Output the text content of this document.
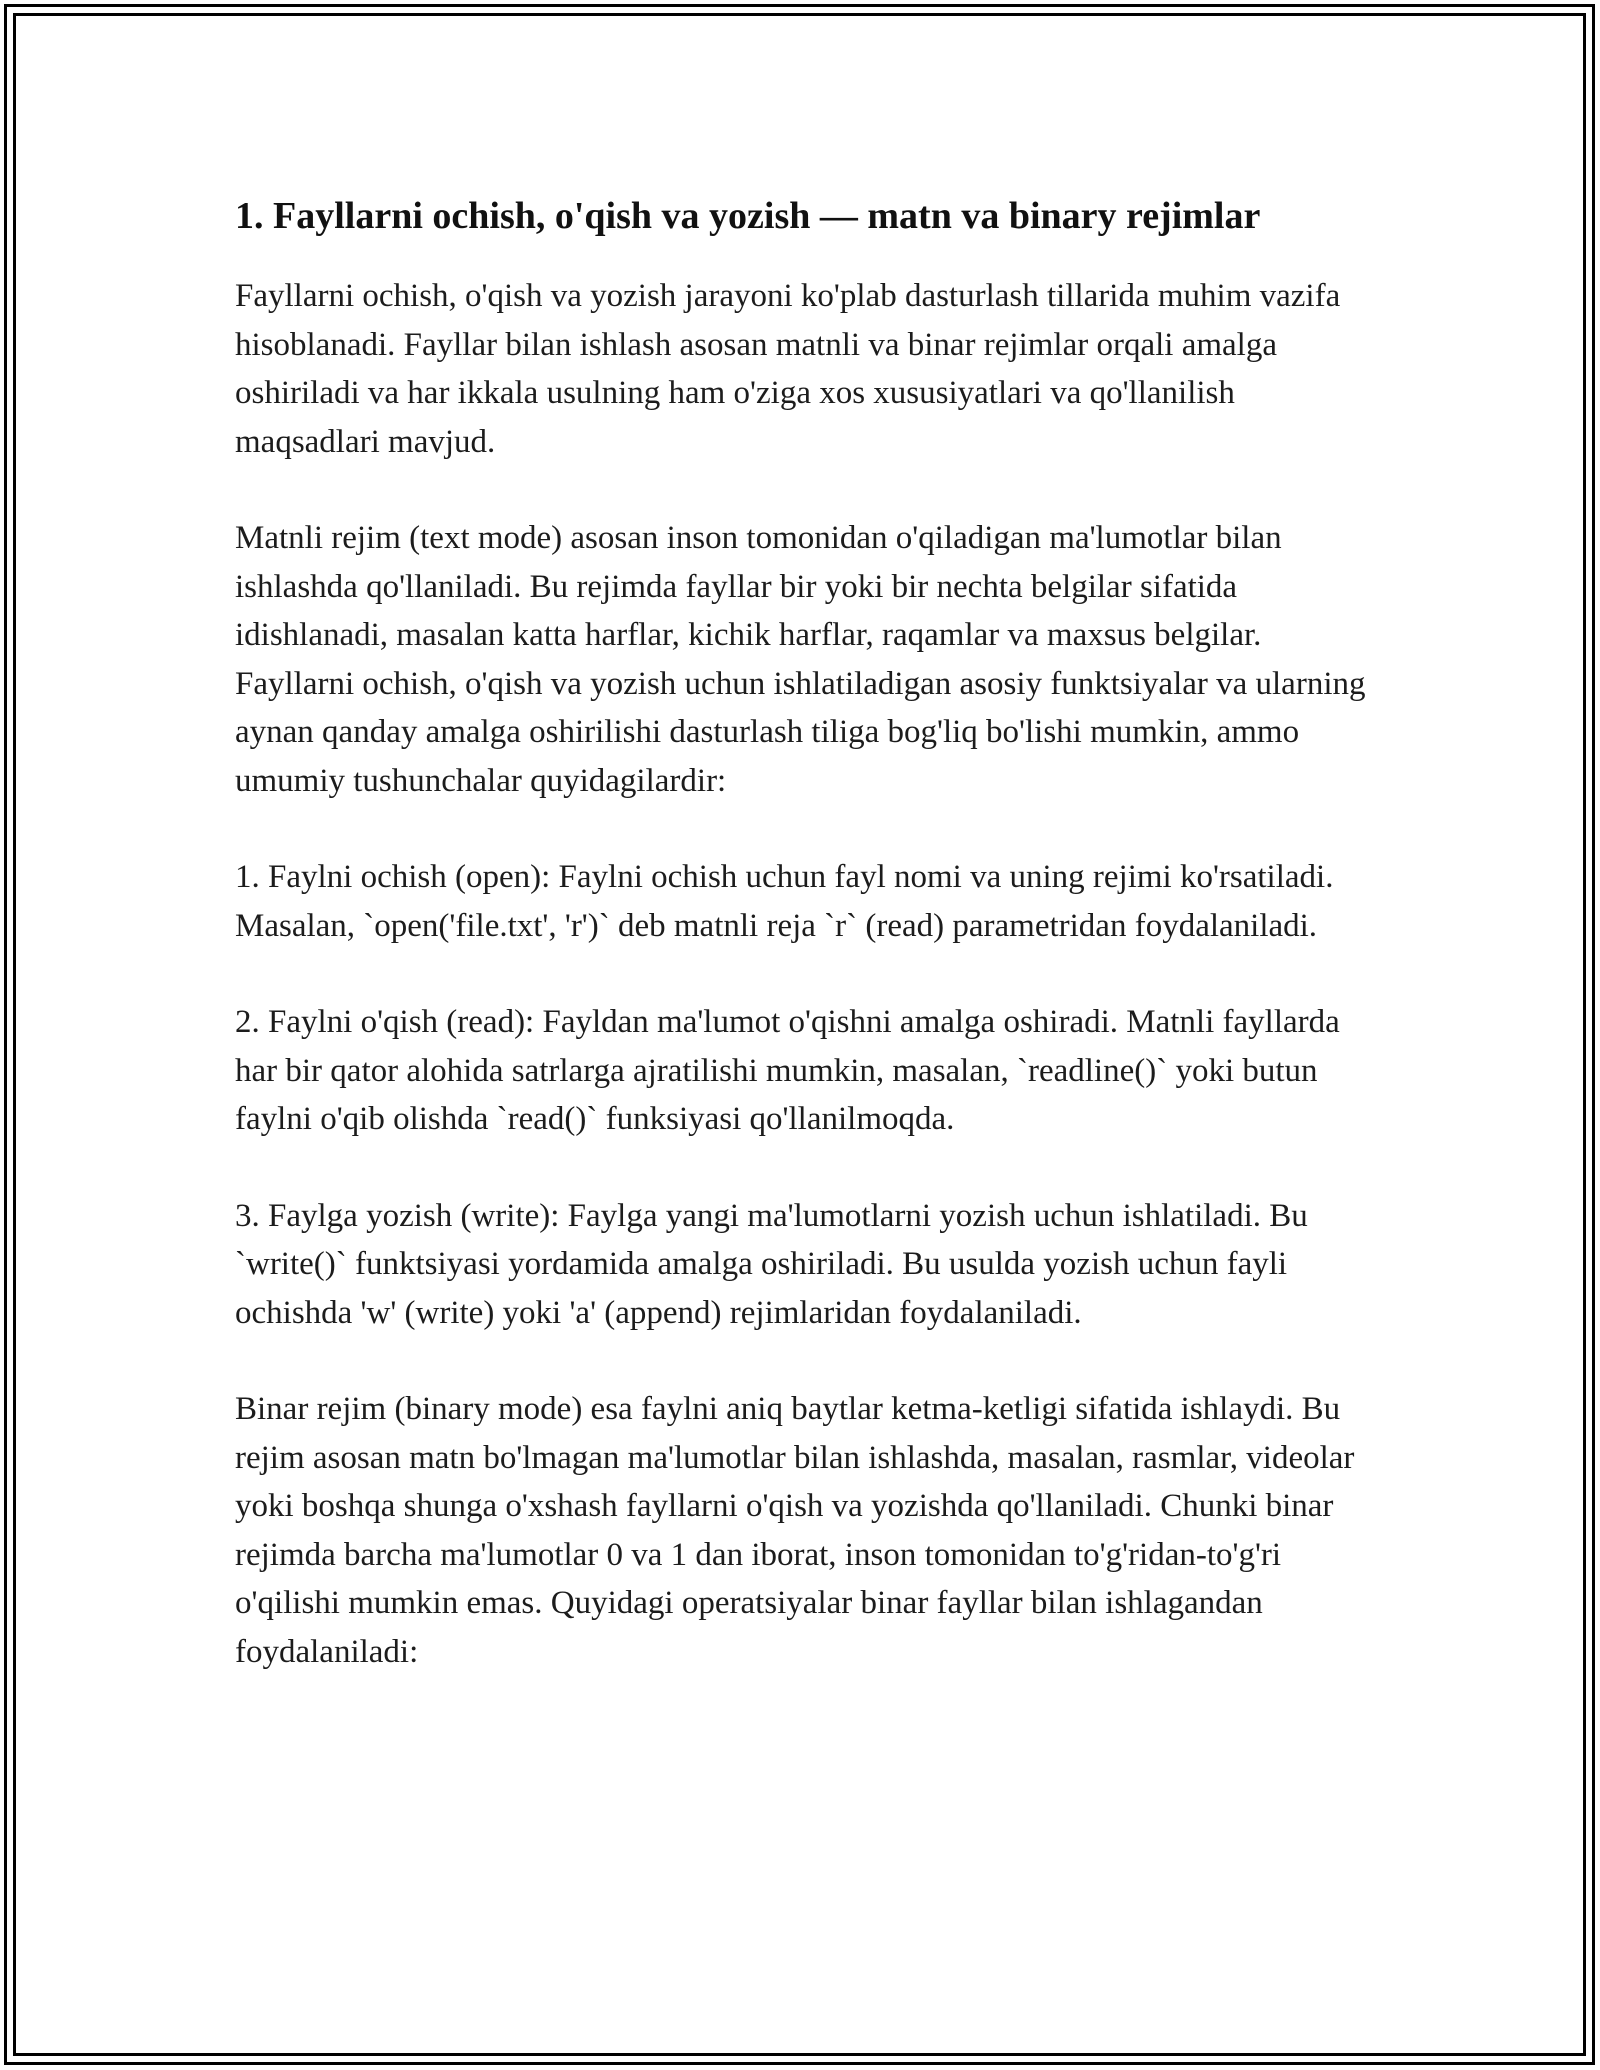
1. Fayllarni ochish, o'qish va yozish — matn va binary rejimlar

Fayllarni ochish, o'qish va yozish jarayoni ko'plab dasturlash tillarida muhim vazifa hisoblanadi. Fayllar bilan ishlash asosan matnli va binar rejimlar orqali amalga oshiriladi va har ikkala usulning ham o'ziga xos xususiyatlari va qo'llanilish maqsadlari mavjud.

Matnli rejim (text mode) asosan inson tomonidan o'qiladigan ma'lumotlar bilan ishlashda qo'llaniladi. Bu rejimda fayllar bir yoki bir nechta belgilar sifatida idishlanadi, masalan katta harflar, kichik harflar, raqamlar va maxsus belgilar. Fayllarni ochish, o'qish va yozish uchun ishlatiladigan asosiy funktsiyalar va ularning aynan qanday amalga oshirilishi dasturlash tiliga bog'liq bo'lishi mumkin, ammo umumiy tushunchalar quyidagilardir:

1. Faylni ochish (open): Faylni ochish uchun fayl nomi va uning rejimi ko'rsatiladi. Masalan, `open('file.txt', 'r')` deb matnli reja `r` (read) parametridan foydalaniladi.

2. Faylni o'qish (read): Fayldan ma'lumot o'qishni amalga oshiradi. Matnli fayllarda har bir qator alohida satrlarga ajratilishi mumkin, masalan, `readline()` yoki butun faylni o'qib olishda `read()` funksiyasi qo'llanilmoqda.

3. Faylga yozish (write): Faylga yangi ma'lumotlarni yozish uchun ishlatiladi. Bu `write()` funktsiyasi yordamida amalga oshiriladi. Bu usulda yozish uchun fayli ochishda 'w' (write) yoki 'a' (append) rejimlaridan foydalaniladi.

Binar rejim (binary mode) esa faylni aniq baytlar ketma-ketligi sifatida ishlaydi. Bu rejim asosan matn bo'lmagan ma'lumotlar bilan ishlashda, masalan, rasmlar, videolar yoki boshqa shunga o'xshash fayllarni o'qish va yozishda qo'llaniladi. Chunki binar rejimda barcha ma'lumotlar 0 va 1 dan iborat, inson tomonidan to'g'ridan-to'g'ri o'qilishi mumkin emas. Quyidagi operatsiyalar binar fayllar bilan ishlagandan foydalaniladi:
